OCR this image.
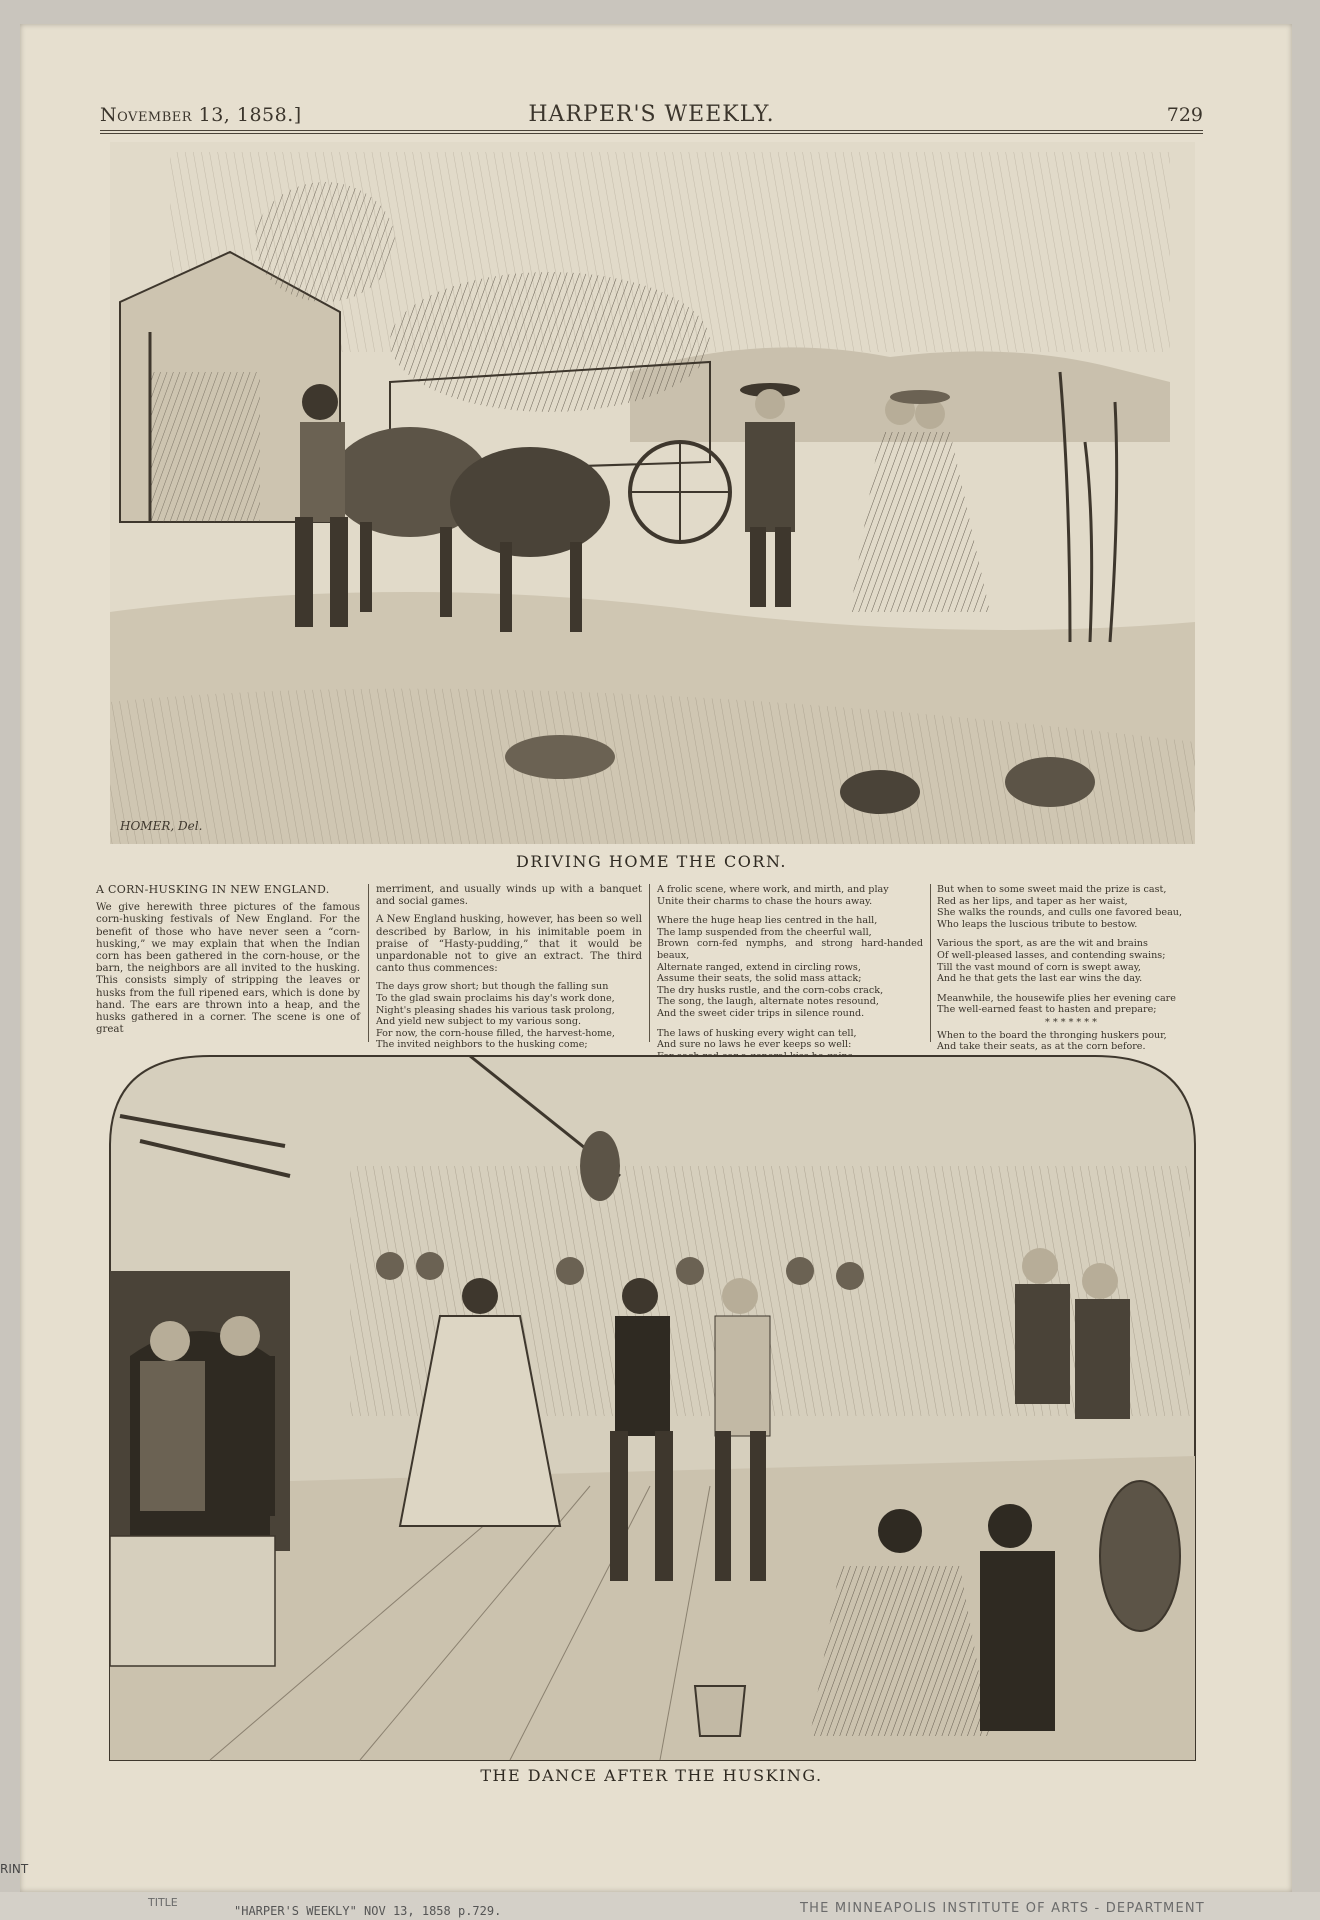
November 13, 1858.]	HARPER'S WEEKLY.	729
HOMER, Del.
DRIVING HOME THE CORN.

A CORN-HUSKING IN NEW ENGLAND.

We give herewith three pictures of the famous corn-husking festivals of New England. For the benefit of those who have never seen a “corn-husking,” we may explain that when the Indian corn has been gathered in the corn-house, or the barn, the neighbors are all invited to the husking. This consists simply of stripping the leaves or husks from the full ripened ears, which is done by hand. The ears are thrown into a heap, and the husks gathered in a corner. The scene is one of great

merriment, and usually winds up with a banquet and social games.

A New England husking, however, has been so well described by Barlow, in his inimitable poem in praise of “Hasty-pudding,” that it would be unpardonable not to give an extract. The third canto thus commences:

The days grow short; but though the falling sun
To the glad swain proclaims his day's work done,
Night's pleasing shades his various task prolong,
And yield new subject to my various song.
For now, the corn-house filled, the harvest-home,
The invited neighbors to the husking come;

A frolic scene, where work, and mirth, and play
Unite their charms to chase the hours away.

Where the huge heap lies centred in the hall,
The lamp suspended from the cheerful wall,
Brown corn-fed nymphs, and strong hard-handed beaux,
Alternate ranged, extend in circling rows,
Assume their seats, the solid mass attack;
The dry husks rustle, and the corn-cobs crack,
The song, the laugh, alternate notes resound,
And the sweet cider trips in silence round.

The laws of husking every wight can tell,
And sure no laws he ever keeps so well:

But when to some sweet maid the prize is cast,
Red as her lips, and taper as her waist,
She walks the rounds, and culls one favored beau,
Who leaps the luscious tribute to bestow.

Various the sport, as are the wit and brains
Of well-pleased lasses, and contending swains;
Till the vast mound of corn is swept away,
And he that gets the last ear wins the day.

Meanwhile, the housewife plies her evening care
The well-earned feast to hasten and prepare;

* * * * * * *

When to the board the thronging huskers pour,
And take their seats, as at the corn before.

THE DANCE AFTER THE HUSKING.
RINT
TITLE
"HARPER'S WEEKLY" NOV 13, 1858 p.729.	THE MINNEAPOLIS INSTITUTE OF ARTS - DEPARTMENT
